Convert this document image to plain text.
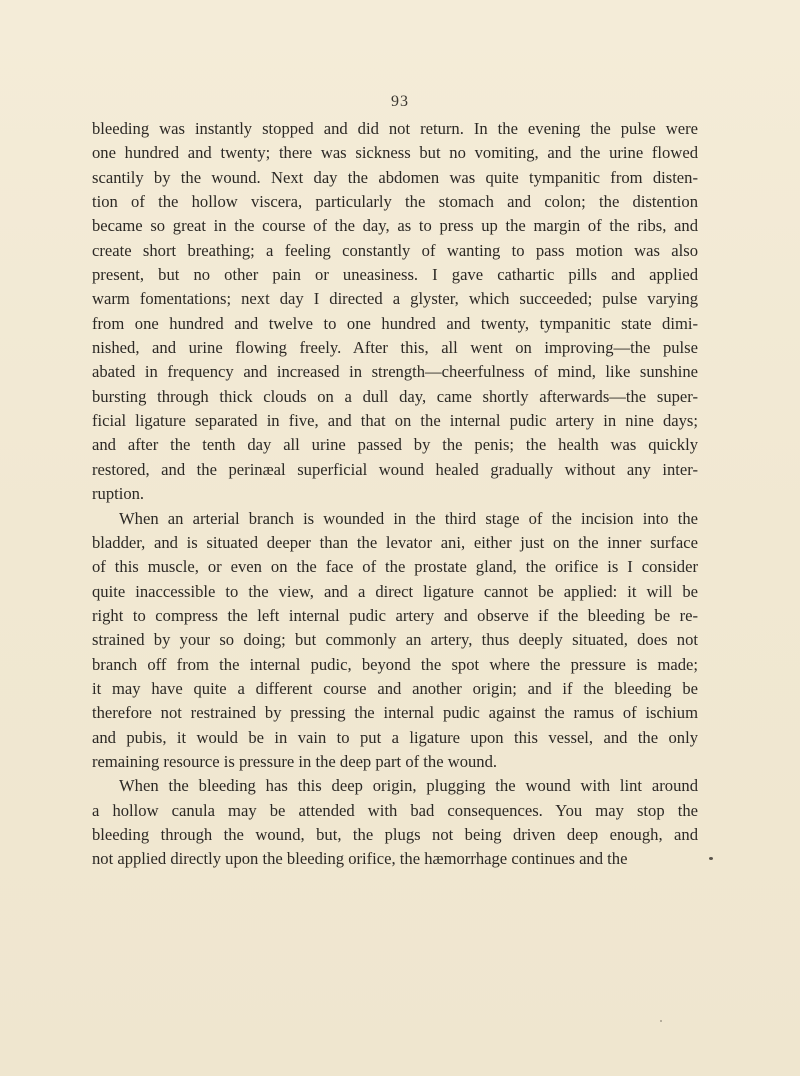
93
bleeding was instantly stopped and did not return. In the evening the pulse were
one hundred and twenty; there was sickness but no vomiting, and the urine flowed
scantily by the wound. Next day the abdomen was quite tympanitic from disten-
tion of the hollow viscera, particularly the stomach and colon; the distention
became so great in the course of the day, as to press up the margin of the ribs, and
create short breathing; a feeling constantly of wanting to pass motion was also
present, but no other pain or uneasiness. I gave cathartic pills and applied
warm fomentations; next day I directed a glyster, which succeeded; pulse varying
from one hundred and twelve to one hundred and twenty, tympanitic state dimi-
nished, and urine flowing freely. After this, all went on improving—the pulse
abated in frequency and increased in strength—cheerfulness of mind, like sunshine
bursting through thick clouds on a dull day, came shortly afterwards—the super-
ficial ligature separated in five, and that on the internal pudic artery in nine days;
and after the tenth day all urine passed by the penis; the health was quickly
restored, and the perinæal superficial wound healed gradually without any inter-
ruption.
When an arterial branch is wounded in the third stage of the incision into the
bladder, and is situated deeper than the levator ani, either just on the inner surface
of this muscle, or even on the face of the prostate gland, the orifice is I consider
quite inaccessible to the view, and a direct ligature cannot be applied: it will be
right to compress the left internal pudic artery and observe if the bleeding be re-
strained by your so doing; but commonly an artery, thus deeply situated, does not
branch off from the internal pudic, beyond the spot where the pressure is made;
it may have quite a different course and another origin; and if the bleeding be
therefore not restrained by pressing the internal pudic against the ramus of ischium
and pubis, it would be in vain to put a ligature upon this vessel, and the only
remaining resource is pressure in the deep part of the wound.
When the bleeding has this deep origin, plugging the wound with lint around
a hollow canula may be attended with bad consequences. You may stop the
bleeding through the wound, but, the plugs not being driven deep enough, and
not applied directly upon the bleeding orifice, the hæmorrhage continues and the
